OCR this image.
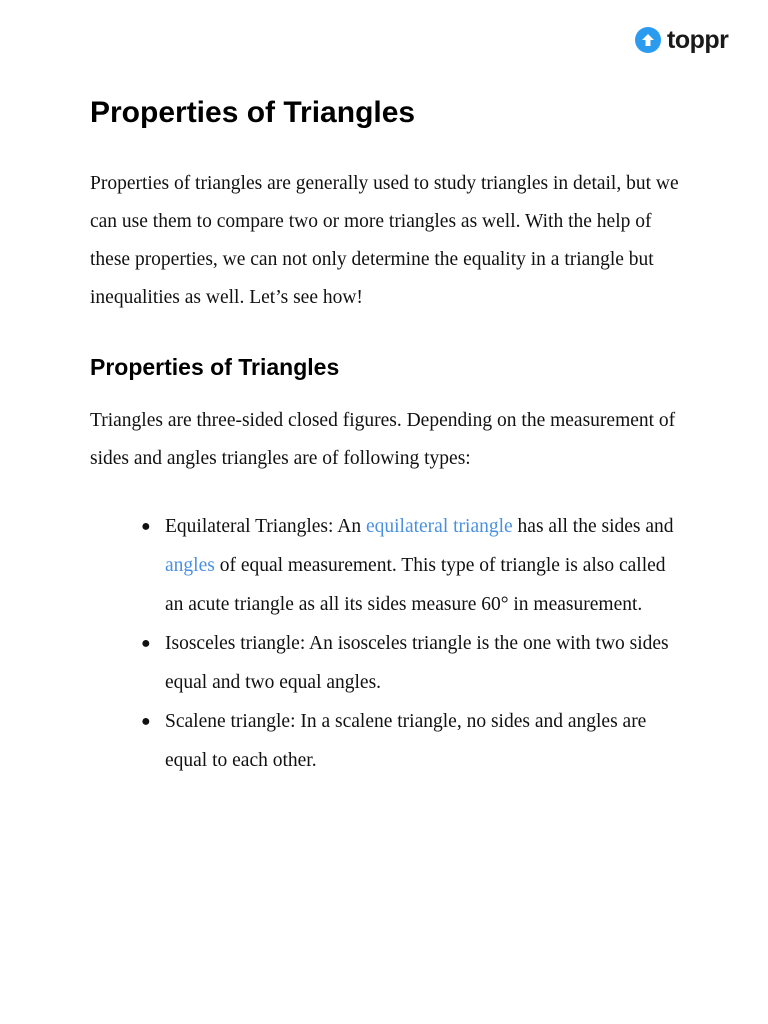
toppr
Properties of Triangles

Properties of triangles are generally used to study triangles in detail, but we can use them to compare two or more triangles as well. With the help of these properties, we can not only determine the equality in a triangle but inequalities as well. Let’s see how!

Properties of Triangles

Triangles are three-sided closed figures. Depending on the measurement of sides and angles triangles are of following types:

● Equilateral Triangles: An equilateral triangle has all the sides and angles of equal measurement. This type of triangle is also called an acute triangle as all its sides measure 60° in measurement.
● Isosceles triangle: An isosceles triangle is the one with two sides equal and two equal angles.
● Scalene triangle: In a scalene triangle, no sides and angles are equal to each other.
